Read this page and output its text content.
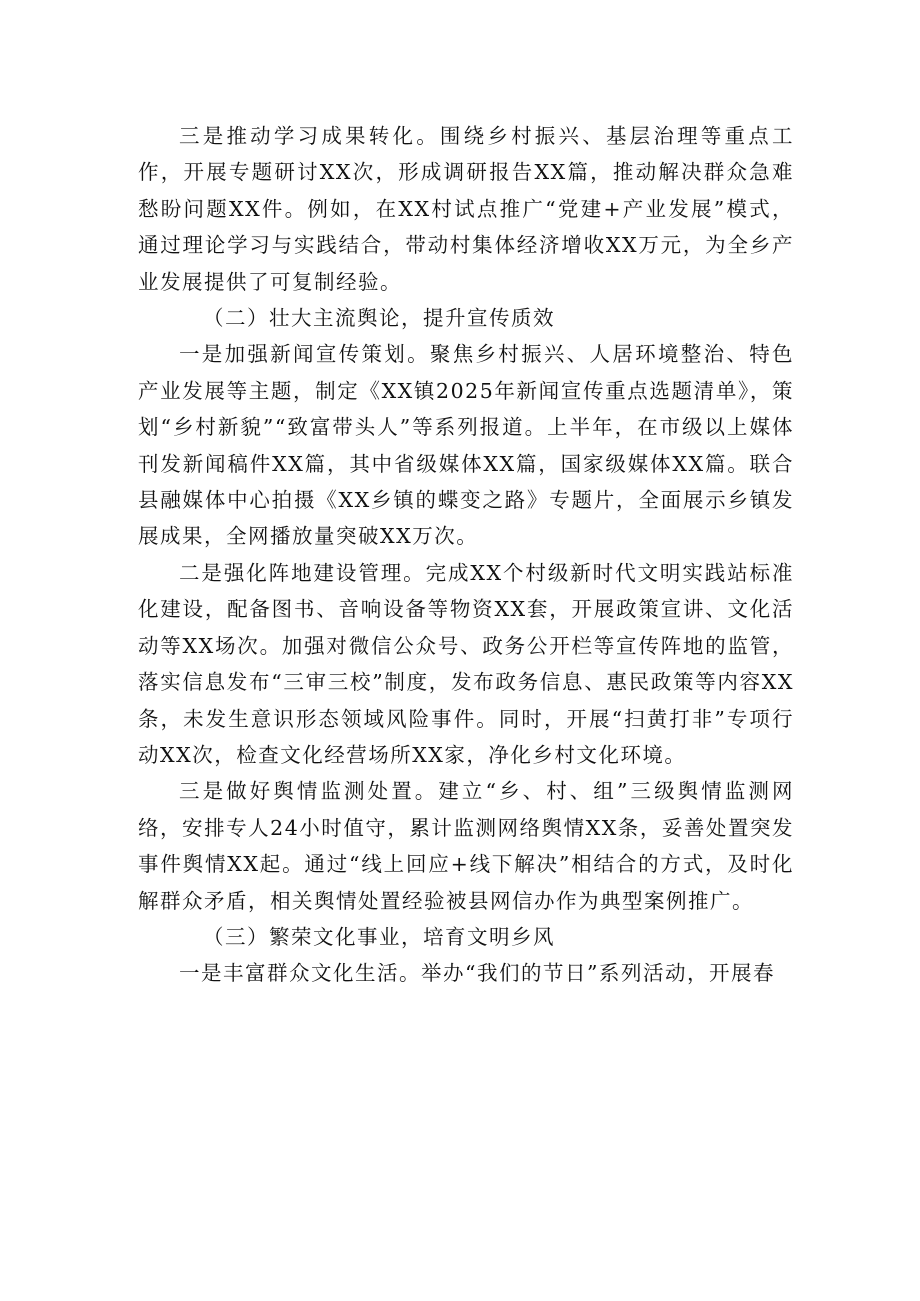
三是推动学习成果转化。围绕乡村振兴、基层治理等重点工作，开展专题研讨XX次，形成调研报告XX篇，推动解决群众急难愁盼问题XX件。例如，在XX村试点推广“党建+产业发展”模式，通过理论学习与实践结合，带动村集体经济增收XX万元，为全乡产业发展提供了可复制经验。

（二）壮大主流舆论，提升宣传质效

一是加强新闻宣传策划。聚焦乡村振兴、人居环境整治、特色产业发展等主题，制定《XX镇2025年新闻宣传重点选题清单》，策划“乡村新貌”“致富带头人”等系列报道。上半年，在市级以上媒体刊发新闻稿件XX篇，其中省级媒体XX篇，国家级媒体XX篇。联合县融媒体中心拍摄《XX乡镇的蝶变之路》专题片，全面展示乡镇发展成果，全网播放量突破XX万次。

二是强化阵地建设管理。完成XX个村级新时代文明实践站标准化建设，配备图书、音响设备等物资XX套，开展政策宣讲、文化活动等XX场次。加强对微信公众号、政务公开栏等宣传阵地的监管，落实信息发布“三审三校”制度，发布政务信息、惠民政策等内容XX条，未发生意识形态领域风险事件。同时，开展“扫黄打非”专项行动XX次，检查文化经营场所XX家，净化乡村文化环境。

三是做好舆情监测处置。建立“乡、村、组”三级舆情监测网络，安排专人24小时值守，累计监测网络舆情XX条，妥善处置突发事件舆情XX起。通过“线上回应+线下解决”相结合的方式，及时化解群众矛盾，相关舆情处置经验被县网信办作为典型案例推广。

（三）繁荣文化事业，培育文明乡风

一是丰富群众文化生活。举办“我们的节日”系列活动，开展春
